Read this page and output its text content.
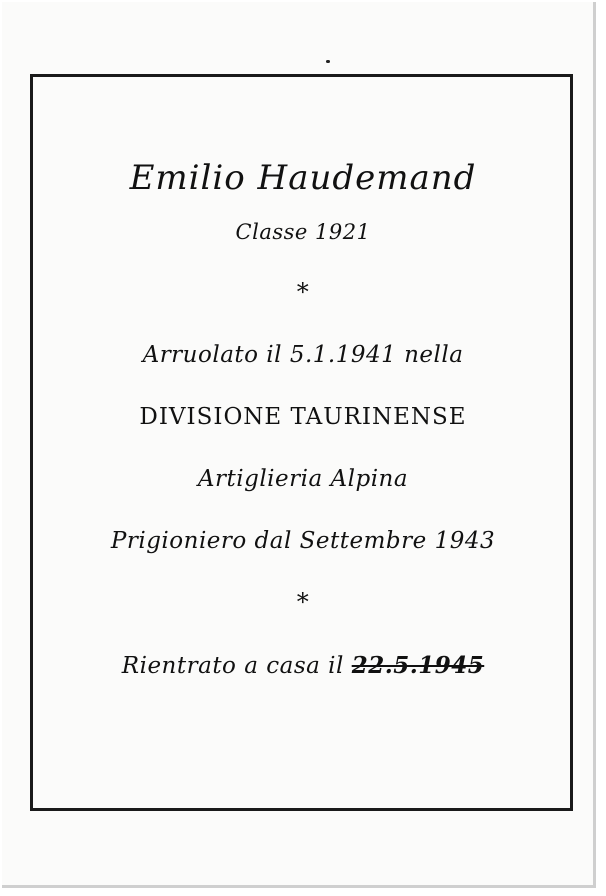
Emilio Haudemand
Classe 1921
*
Arruolato il 5.1.1941 nella
DIVISIONE TAURINENSE
Artiglieria Alpina
Prigioniero dal Settembre 1943
*
Rientrato a casa il 22.5.1945
